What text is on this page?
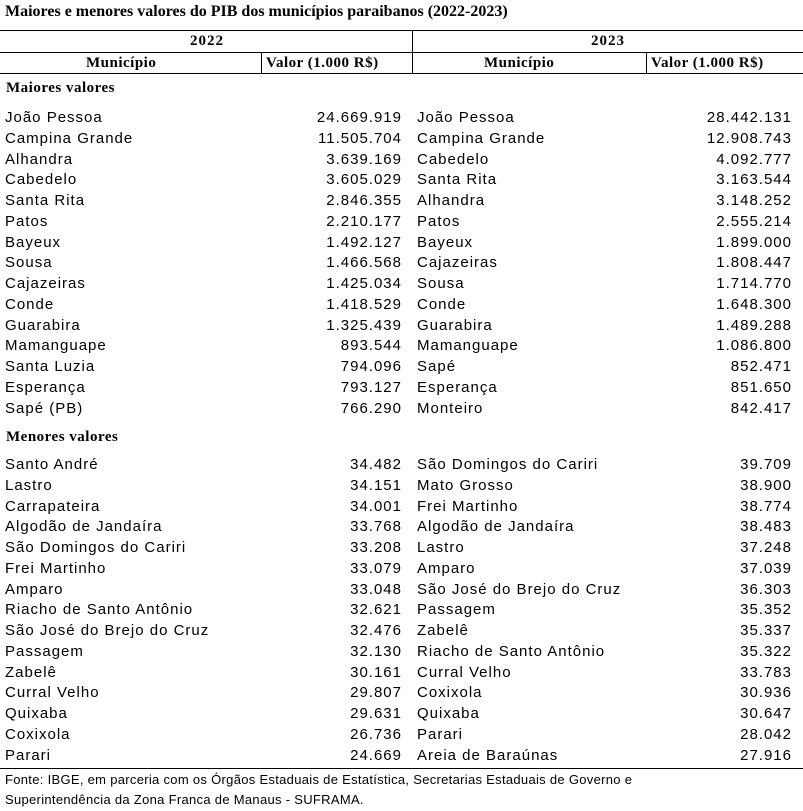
Maiores e menores valores do PIB dos municípios paraibanos (2022-2023)
2022	2023
Município	Valor (1.000 R$)	Município	Valor (1.000 R$)
Maiores valores
João Pessoa	24.669.919 João Pessoa	28.442.131
Campina Grande	11.505.704 Campina Grande	12.908.743
Alhandra	3.639.169 Cabedelo	4.092.777
Cabedelo	3.605.029 Santa Rita	3.163.544
Santa Rita	2.846.355 Alhandra	3.148.252
Patos	2.210.177 Patos	2.555.214
Bayeux	1.492.127 Bayeux	1.899.000
Sousa	1.466.568 Cajazeiras	1.808.447
Cajazeiras	1.425.034 Sousa	1.714.770
Conde	1.418.529 Conde	1.648.300
Guarabira	1.325.439 Guarabira	1.489.288
Mamanguape	893.544 Mamanguape	1.086.800
Santa Luzia	794.096 Sapé	852.471
Esperança	793.127 Esperança	851.650
Sapé (PB)	766.290 Monteiro	842.417
Menores valores
Santo André	34.482 São Domingos do Cariri	39.709
Lastro	34.151 Mato Grosso	38.900
Carrapateira	34.001 Frei Martinho	38.774
Algodão de Jandaíra	33.768 Algodão de Jandaíra	38.483
São Domingos do Cariri	33.208 Lastro	37.248
Frei Martinho	33.079 Amparo	37.039
Amparo	33.048 São José do Brejo do Cruz	36.303
Riacho de Santo Antônio	32.621 Passagem	35.352
São José do Brejo do Cruz	32.476 Zabelê	35.337
Passagem	32.130 Riacho de Santo Antônio	35.322
Zabelê	30.161 Curral Velho	33.783
Curral Velho	29.807 Coxixola	30.936
Quixaba	29.631 Quixaba	30.647
Coxixola	26.736 Parari	28.042
Parari	24.669 Areia de Baraúnas	27.916
Fonte: IBGE, em parceria com os Órgãos Estaduais de Estatística, Secretarias Estaduais de Governo e
Superintendência da Zona Franca de Manaus - SUFRAMA.
